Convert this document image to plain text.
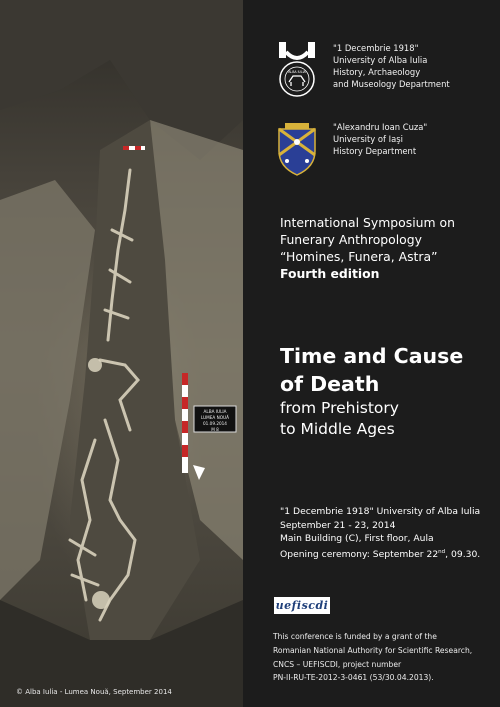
ALBA IULIA
LUMEA NOUĂ
01.09.2014
M 8
© Alba Iulia - Lumea Nouă, September 2014
ALBA IULIA
"1 Decembrie 1918"
University of Alba Iulia
History, Archaeology
and Museology Department
"Alexandru Ioan Cuza"
University of Iaşi
History Department
International Symposium on
Funerary Anthropology
“Homines, Funera, Astra”
Fourth edition
Time and Cause
of Death
from Prehistory
to Middle Ages
"1 Decembrie 1918" University of Alba Iulia
September 21 - 23, 2014
Main Building (C), First floor, Aula
Opening ceremony: September 22nd, 09.30.
uefiscdi
This conference is funded by a grant of the
Romanian National Authority for Scientific Research,
CNCS – UEFISCDI, project number
PN-II-RU-TE-2012-3-0461 (53/30.04.2013).
